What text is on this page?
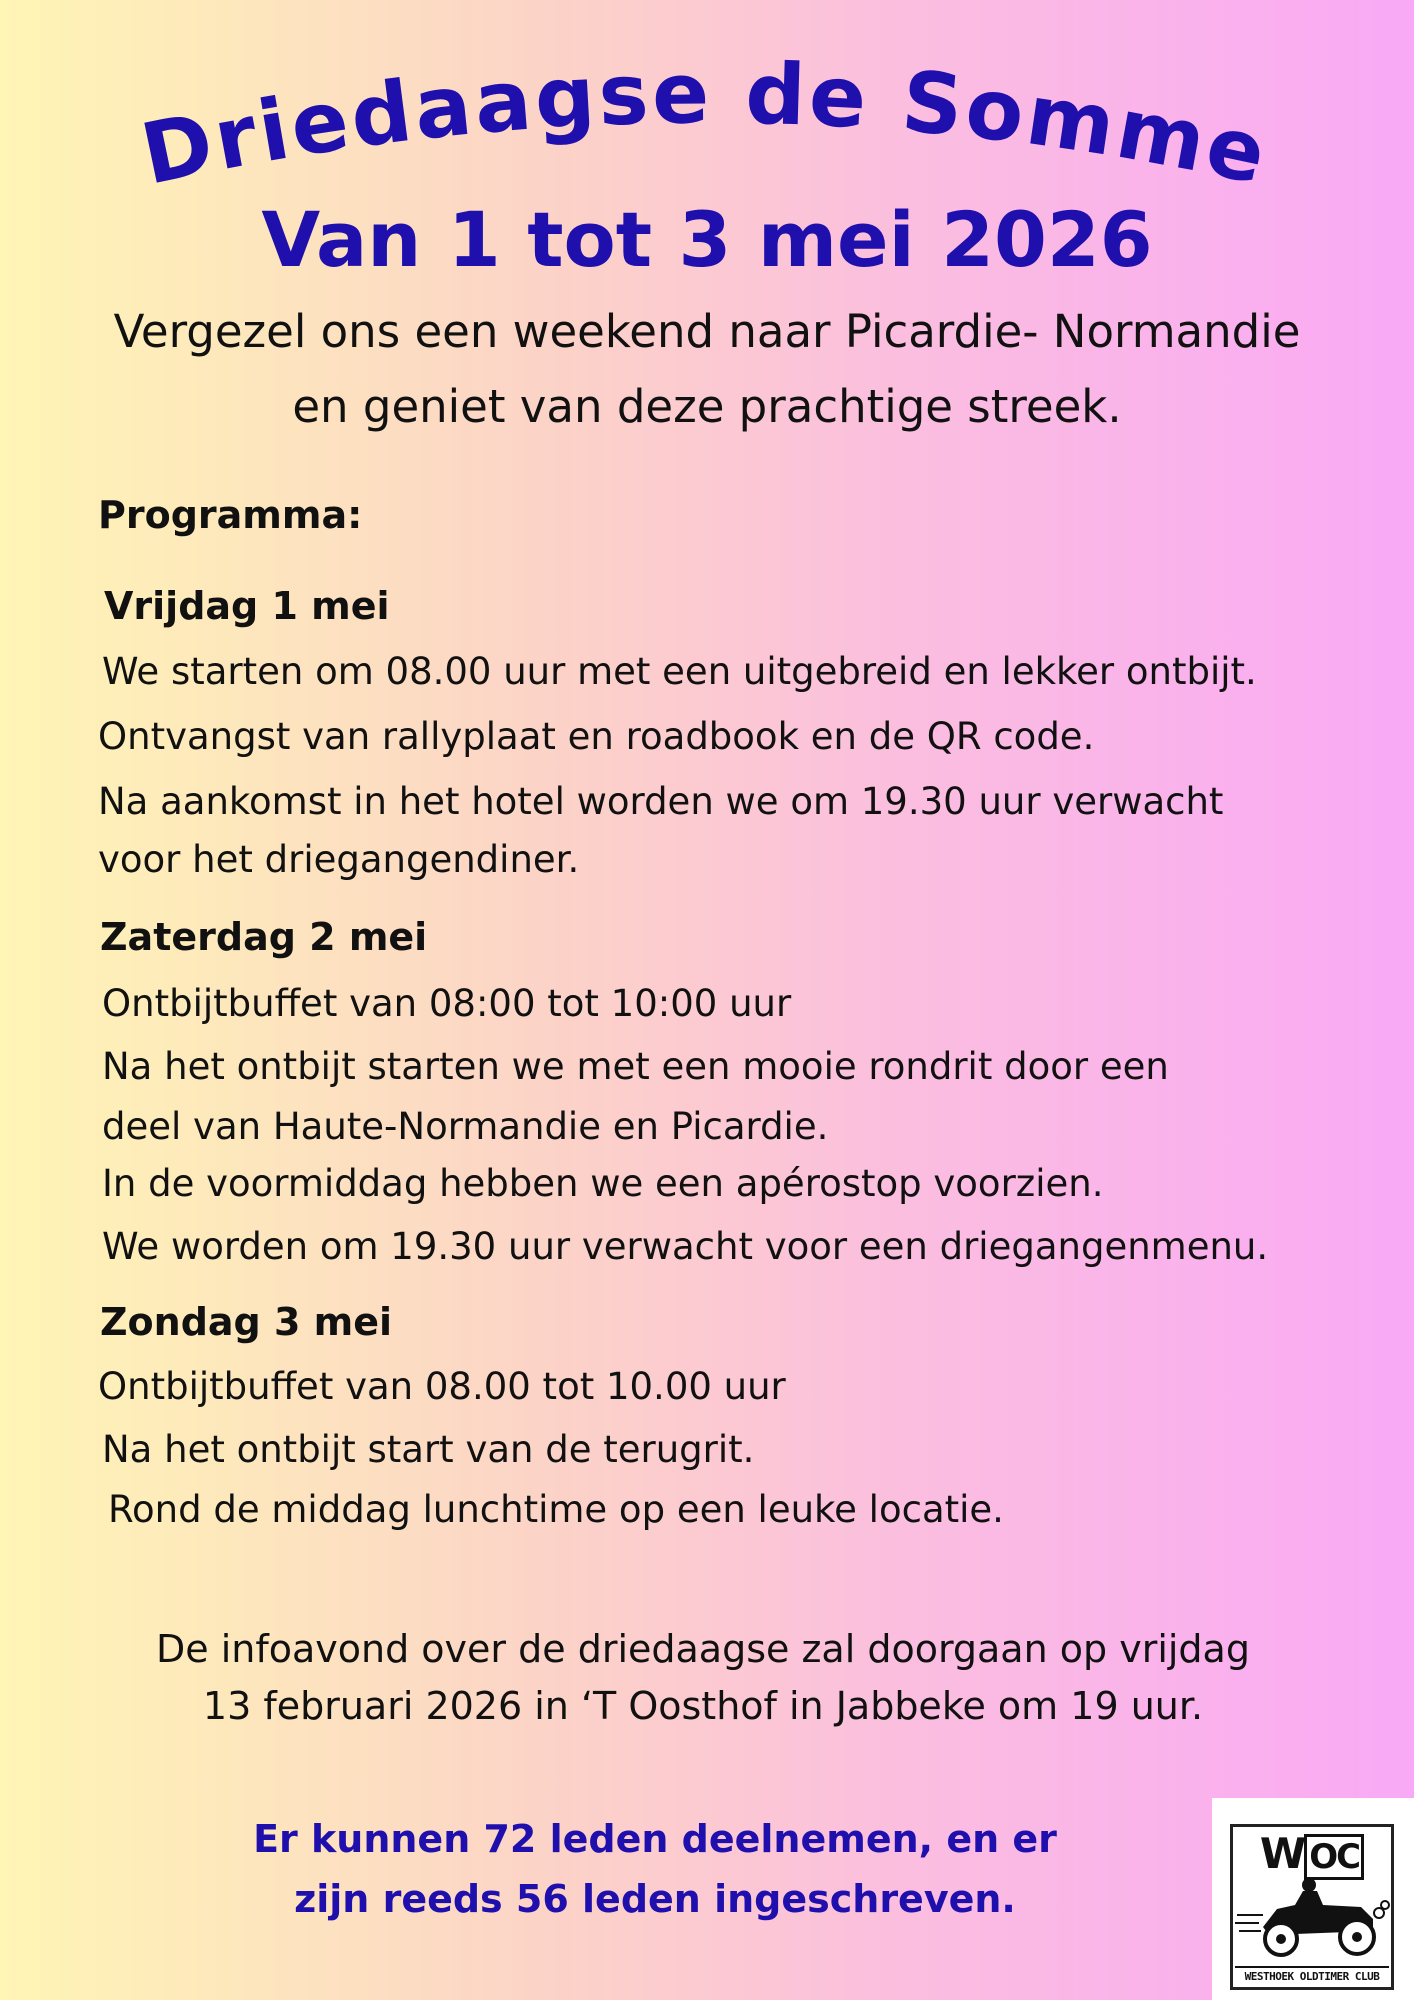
Driedaagse de Somme
Van 1 tot 3 mei 2026
Vergezel ons een weekend naar Picardie- Normandie
en geniet van deze prachtige streek.
Programma:
Vrijdag 1 mei
We starten om 08.00 uur met een uitgebreid en lekker ontbijt.
Ontvangst van rallyplaat en roadbook en de QR code.
Na aankomst in het hotel worden we om 19.30 uur verwacht
voor het driegangendiner.
Zaterdag 2 mei
Ontbijtbuffet van 08:00 tot 10:00 uur
Na het ontbijt starten we met een mooie rondrit door een
deel van Haute-Normandie en Picardie.
In de voormiddag hebben we een apérostop voorzien.
We worden om 19.30 uur verwacht voor een driegangenmenu.
Zondag 3 mei
Ontbijtbuffet van 08.00 tot 10.00 uur
Na het ontbijt start van de terugrit.
Rond de middag lunchtime op een leuke locatie.
De infoavond over de driedaagse zal doorgaan op vrijdag
13 februari 2026 in ‘T Oosthof in Jabbeke om 19 uur.
Er kunnen 72 leden deelnemen, en er
zijn reeds 56 leden ingeschreven.
W OC
WESTHOEK OLDTIMER CLUB
